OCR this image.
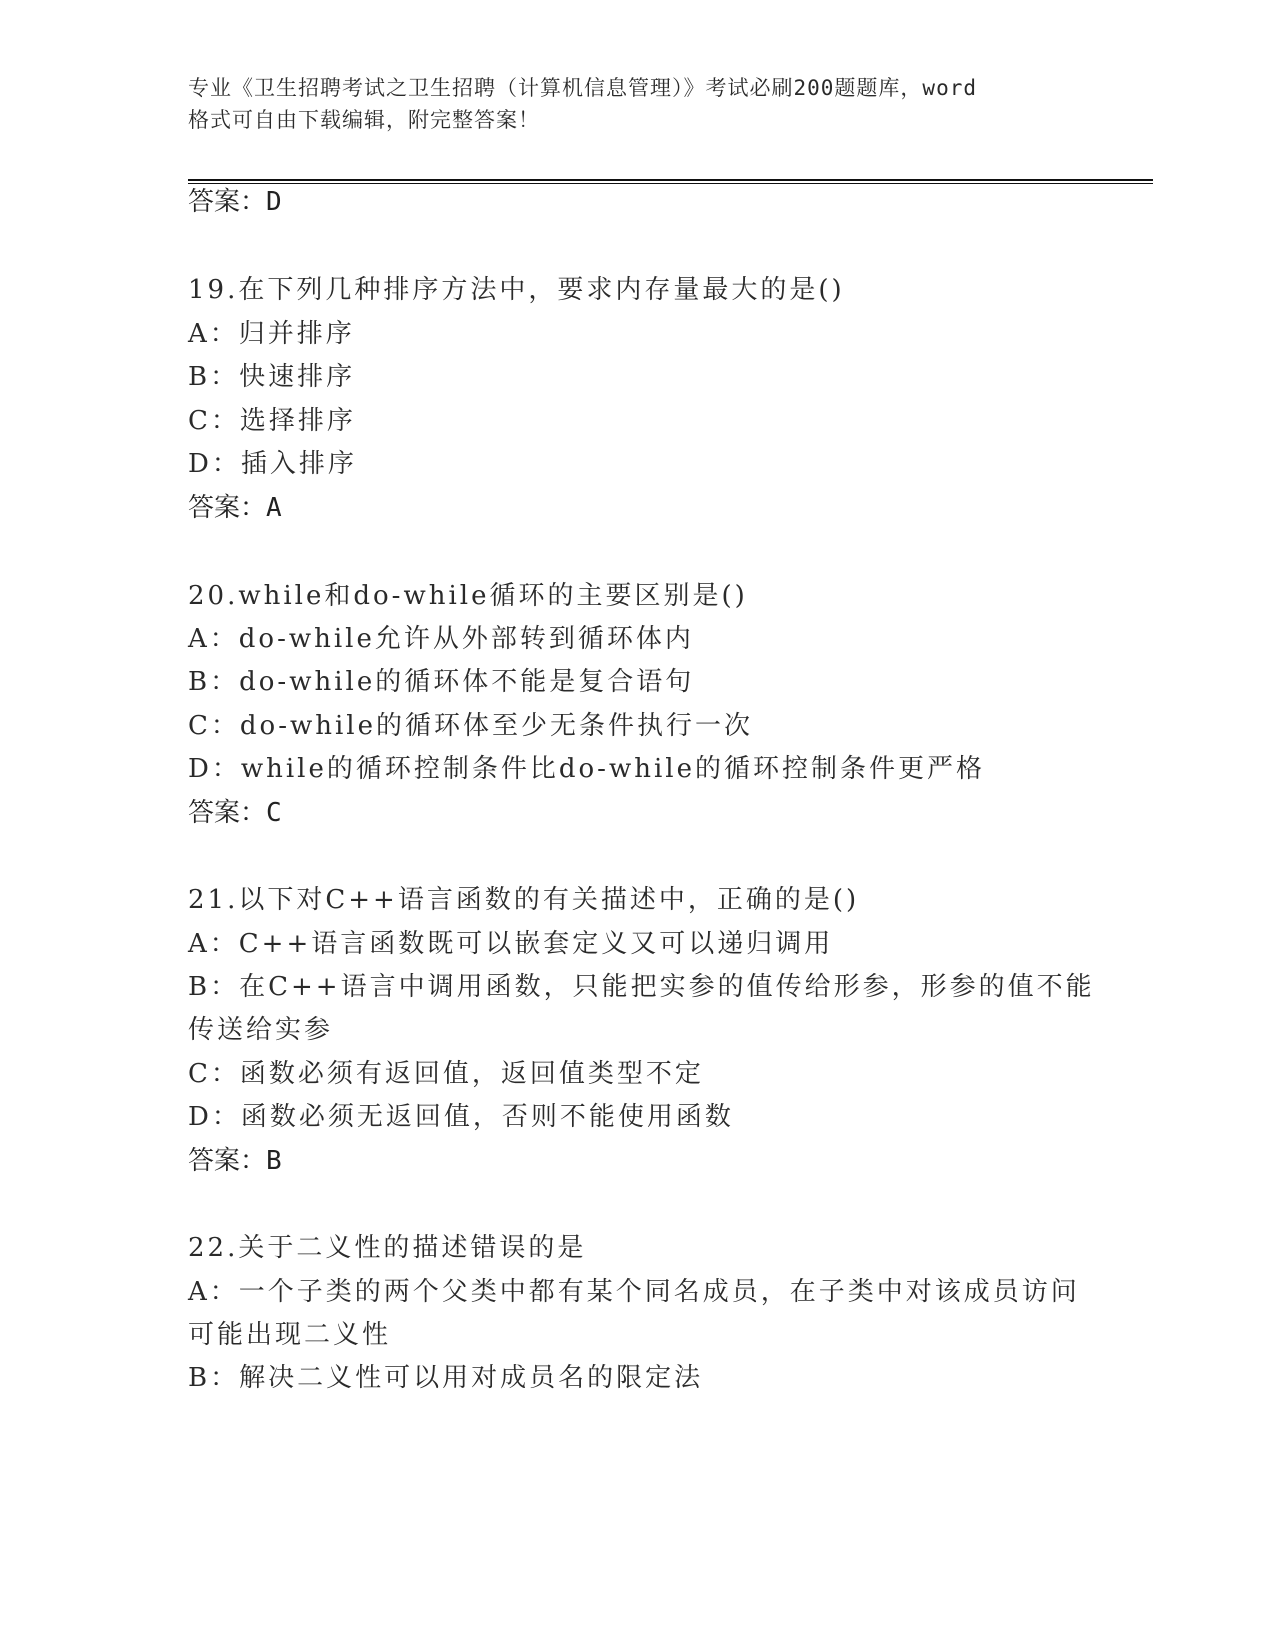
专业《卫生招聘考试之卫生招聘（计算机信息管理）》考试必刷200题题库，word
格式可自由下载编辑，附完整答案！
答案：D
19.在下列几种排序方法中，要求内存量最大的是()
A：归并排序
B：快速排序
C：选择排序
D：插入排序
答案：A
20.while和do-while循环的主要区别是()
A：do-while允许从外部转到循环体内
B：do-while的循环体不能是复合语句
C：do-while的循环体至少无条件执行一次
D：while的循环控制条件比do-while的循环控制条件更严格
答案：C
21.以下对C++语言函数的有关描述中，正确的是()
A：C++语言函数既可以嵌套定义又可以递归调用
B：在C++语言中调用函数，只能把实参的值传给形参，形参的值不能
传送给实参
C：函数必须有返回值，返回值类型不定
D：函数必须无返回值，否则不能使用函数
答案：B
22.关于二义性的描述错误的是
A：一个子类的两个父类中都有某个同名成员，在子类中对该成员访问
可能出现二义性
B：解决二义性可以用对成员名的限定法
